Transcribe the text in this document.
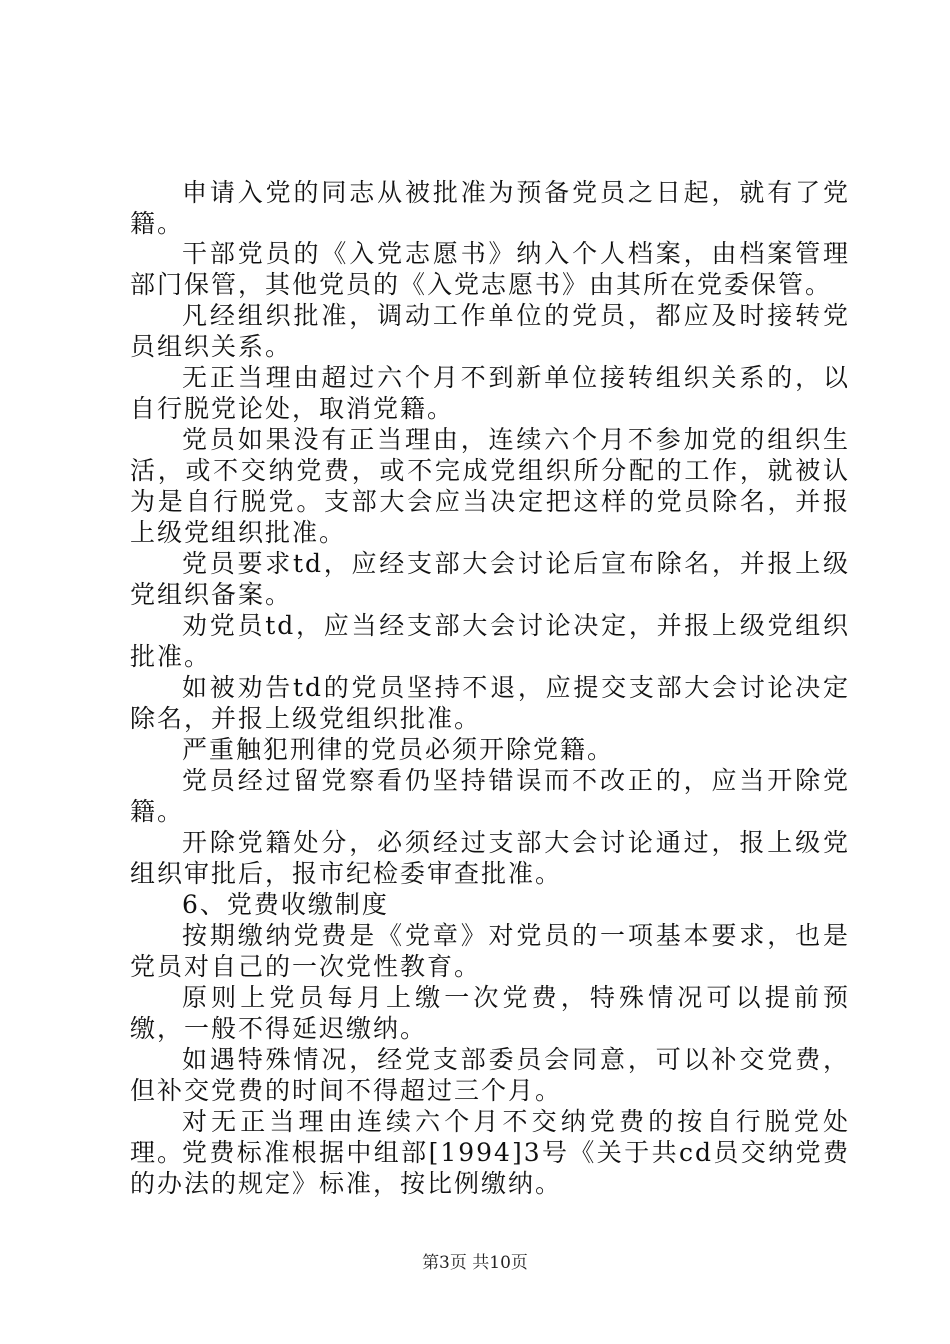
申请入党的同志从被批准为预备党员之日起，就有了党籍。

干部党员的《入党志愿书》纳入个人档案，由档案管理部门保管，其他党员的《入党志愿书》由其所在党委保管。

凡经组织批准，调动工作单位的党员，都应及时接转党员组织关系。

无正当理由超过六个月不到新单位接转组织关系的，以自行脱党论处，取消党籍。

党员如果没有正当理由，连续六个月不参加党的组织生活，或不交纳党费，或不完成党组织所分配的工作，就被认为是自行脱党。支部大会应当决定把这样的党员除名，并报上级党组织批准。

党员要求td，应经支部大会讨论后宣布除名，并报上级党组织备案。

劝党员td，应当经支部大会讨论决定，并报上级党组织批准。

如被劝告td的党员坚持不退，应提交支部大会讨论决定除名，并报上级党组织批准。

严重触犯刑律的党员必须开除党籍。

党员经过留党察看仍坚持错误而不改正的，应当开除党籍。

开除党籍处分，必须经过支部大会讨论通过，报上级党组织审批后，报市纪检委审查批准。

6、党费收缴制度

按期缴纳党费是《党章》对党员的一项基本要求，也是党员对自己的一次党性教育。

原则上党员每月上缴一次党费，特殊情况可以提前预缴，一般不得延迟缴纳。

如遇特殊情况，经党支部委员会同意，可以补交党费，但补交党费的时间不得超过三个月。

对无正当理由连续六个月不交纳党费的按自行脱党处理。

党费标准根据中组部[1994]3号《关于共cd员交纳党费的办法的规定》标准，按比例缴纳。

第3页 共10页
